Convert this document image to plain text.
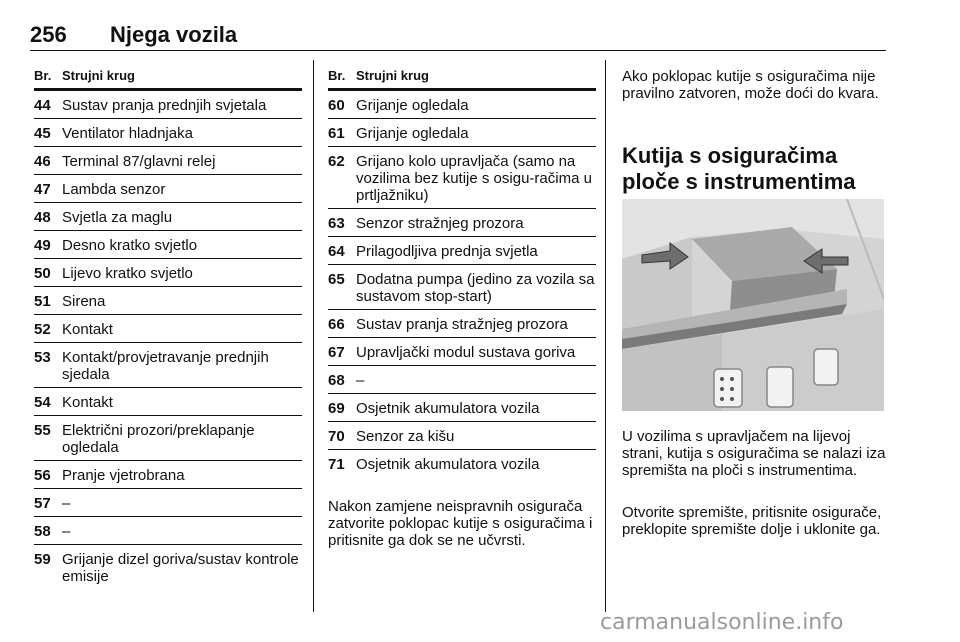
256 Njega vozila
Br. Strujni krug
44 Sustav pranja prednjih svjetala
45 Ventilator hladnjaka
46 Terminal 87/glavni relej
47 Lambda senzor
48 Svjetla za maglu
49 Desno kratko svjetlo
50 Lijevo kratko svjetlo
51 Sirena
52 Kontakt
53 Kontakt/provjetravanje prednjih sjedala
54 Kontakt
55 Električni prozori/preklapanje ogledala
56 Pranje vjetrobrana
57 –
58 –
59 Grijanje dizel goriva/sustav kontrole emisije
Br. Strujni krug
60 Grijanje ogledala
61 Grijanje ogledala
62 Grijano kolo upravljača (samo na vozilima bez kutije s osigu-račima u prtljažniku)
63 Senzor stražnjeg prozora
64 Prilagodljiva prednja svjetla
65 Dodatna pumpa (jedino za vozila sa sustavom stop-start)
66 Sustav pranja stražnjeg prozora
67 Upravljački modul sustava goriva
68 –
69 Osjetnik akumulatora vozila
70 Senzor za kišu
71 Osjetnik akumulatora vozila
Nakon zamjene neispravnih osigurača zatvorite poklopac kutije s osiguračima i pritisnite ga dok se ne učvrsti.
Ako poklopac kutije s osiguračima nije pravilno zatvoren, može doći do kvara.
Kutija s osiguračima ploče s instrumentima
U vozilima s upravljačem na lijevoj strani, kutija s osiguračima se nalazi iza spremišta na ploči s instrumentima.
Otvorite spremište, pritisnite osigurače, preklopite spremište dolje i uklonite ga.
carmanualsonline.info
